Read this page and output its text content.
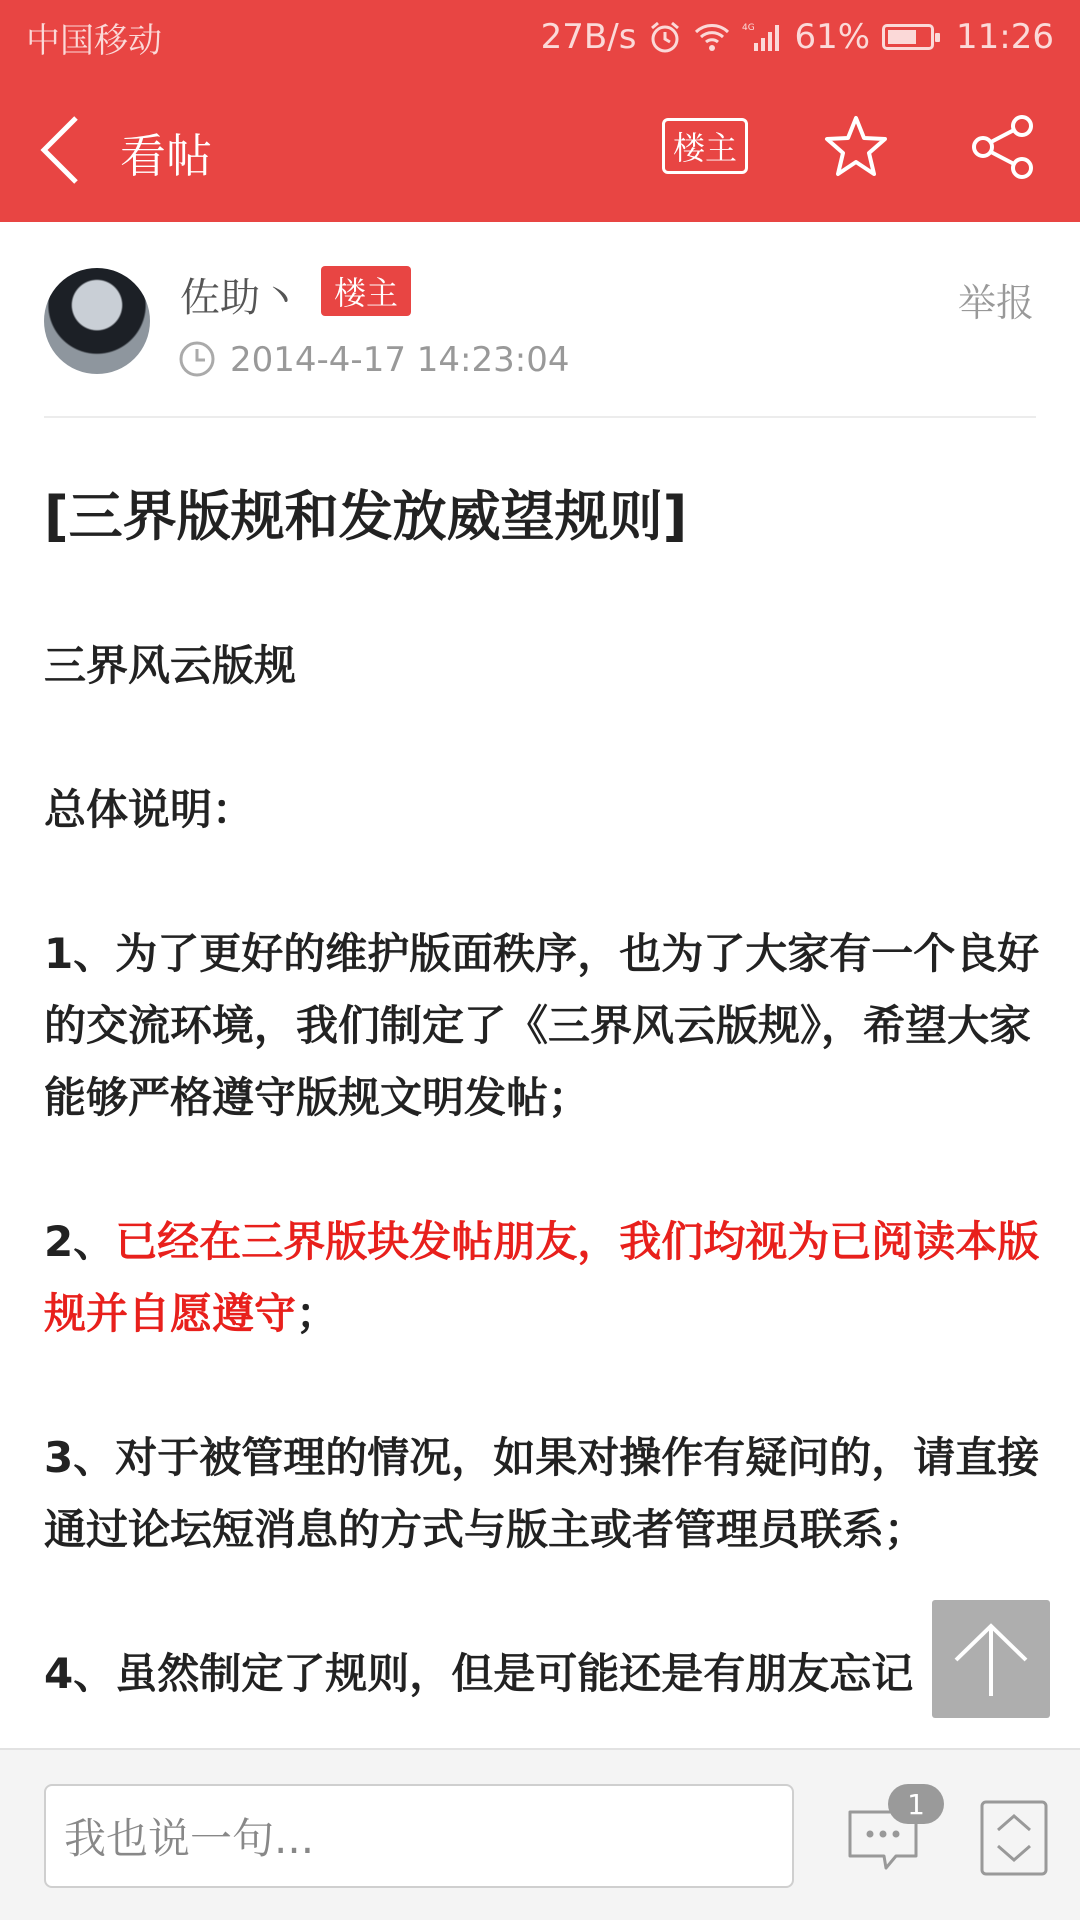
中国移动	27B/s	4G 61%	11:26
看帖	楼主
佐助丶	楼主
2014-4-17 14:23:04
举报
[三界版规和发放威望规则]

三界风云版规

总体说明：

1、为了更好的维护版面秩序，也为了大家有一个良好的交流环境，我们制定了《三界风云版规》，希望大家能够严格遵守版规文明发帖；

2、已经在三界版块发帖朋友，我们均视为已阅读本版规并自愿遵守；

3、对于被管理的情况，如果对操作有疑问的，请直接通过论坛短消息的方式与版主或者管理员联系；

4、虽然制定了规则，但是可能还是有朋友忘记

我也说一句...
1
